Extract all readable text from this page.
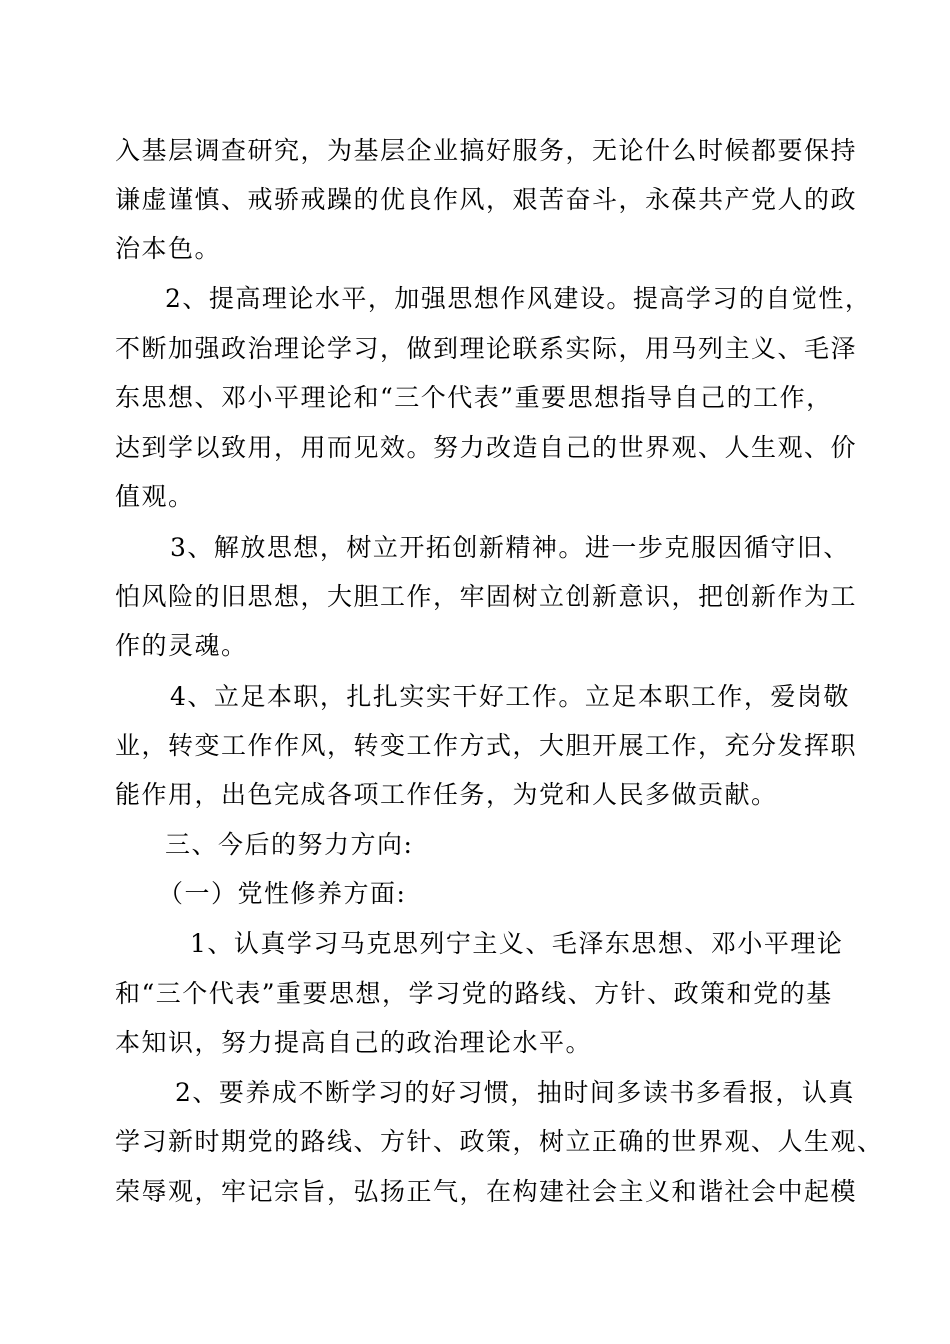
入基层调查研究，为基层企业搞好服务，无论什么时候都要保持
谦虚谨慎、戒骄戒躁的优良作风，艰苦奋斗，永葆共产党人的政
治本色。
2、提高理论水平，加强思想作风建设。提高学习的自觉性，
不断加强政治理论学习，做到理论联系实际，用马列主义、毛泽
东思想、邓小平理论和“三个代表”重要思想指导自己的工作，
达到学以致用，用而见效。努力改造自己的世界观、人生观、价
值观。
3、解放思想，树立开拓创新精神。进一步克服因循守旧、
怕风险的旧思想，大胆工作，牢固树立创新意识，把创新作为工
作的灵魂。
4、立足本职，扎扎实实干好工作。立足本职工作，爱岗敬
业，转变工作作风，转变工作方式，大胆开展工作，充分发挥职
能作用，出色完成各项工作任务，为党和人民多做贡献。
三、今后的努力方向:
（一）党性修养方面:
1、认真学习马克思列宁主义、毛泽东思想、邓小平理论
和“三个代表”重要思想，学习党的路线、方针、政策和党的基
本知识，努力提高自己的政治理论水平。
2、要养成不断学习的好习惯，抽时间多读书多看报，认真
学习新时期党的路线、方针、政策，树立正确的世界观、人生观、
荣辱观，牢记宗旨，弘扬正气，在构建社会主义和谐社会中起模
